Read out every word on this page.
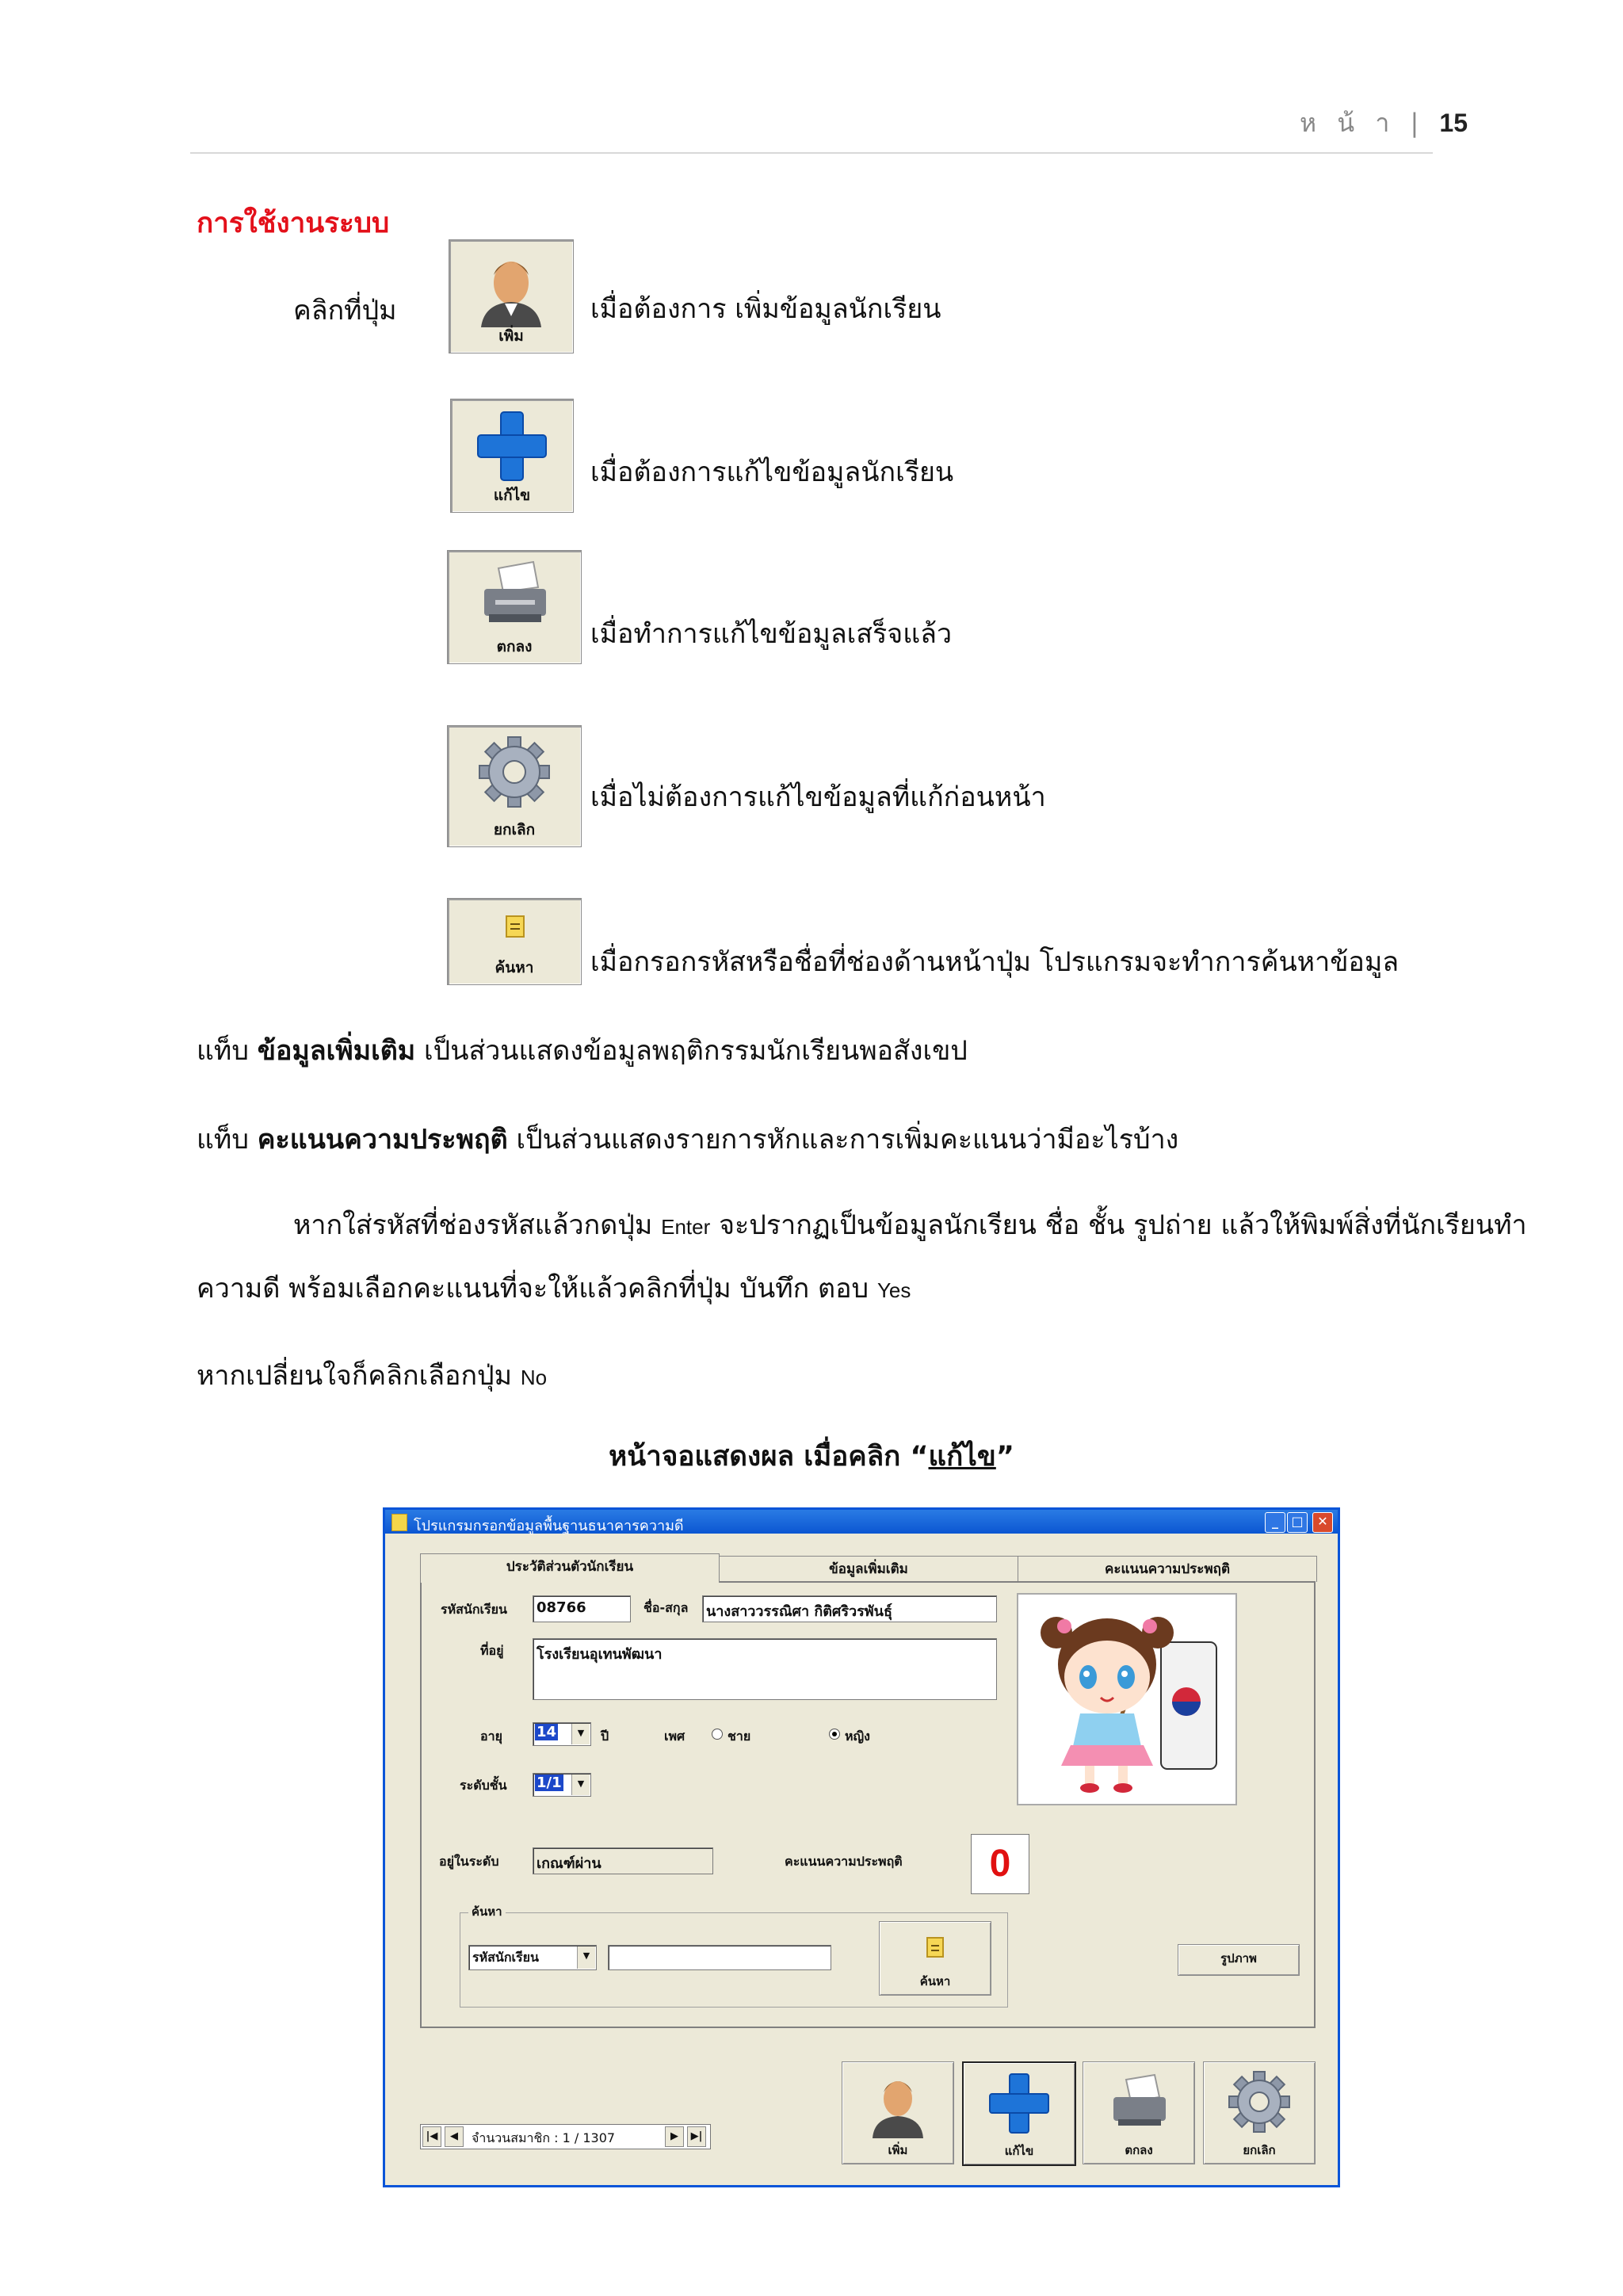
ห น้ า | 15
การใช้งานระบบ
คลิกที่ปุ่ม
เพิ่ม
เมื่อต้องการ เพิ่มข้อมูลนักเรียน
แก้ไข
เมื่อต้องการแก้ไขข้อมูลนักเรียน
ตกลง	เมื่อทำการแก้ไขข้อมูลเสร็จแล้ว
ยกเลิก
เมื่อไม่ต้องการแก้ไขข้อมูลที่แก้ก่อนหน้า
ค้นหา	เมื่อกรอกรหัสหรือชื่อที่ช่องด้านหน้าปุ่ม โปรแกรมจะทำการค้นหาข้อมูล
แท็บ ข้อมูลเพิ่มเติม เป็นส่วนแสดงข้อมูลพฤติกรรมนักเรียนพอสังเขป
แท็บ คะแนนความประพฤติ เป็นส่วนแสดงรายการหักและการเพิ่มคะแนนว่ามีอะไรบ้าง
หากใส่รหัสที่ช่องรหัสแล้วกดปุ่ม Enter จะปรากฏเป็นข้อมูลนักเรียน ชื่อ ชั้น รูปถ่าย แล้วให้พิมพ์สิ่งที่นักเรียนทำ
ความดี พร้อมเลือกคะแนนที่จะให้แล้วคลิกที่ปุ่ม บันทึก ตอบ Yes
หากเปลี่ยนใจก็คลิกเลือกปุ่ม No
หน้าจอแสดงผล เมื่อคลิก “แก้ไข”
โปรแกรมกรอกข้อมูลพื้นฐานธนาคารความดี	_	□	✕
ประวัติส่วนตัวนักเรียน	ข้อมูลเพิ่มเติม	คะแนนความประพฤติ
รหัสนักเรียน 08766	ชื่อ-สกุล นางสาววรรณิศา กิติศริวรพันธุ์
ที่อยู่ โรงเรียนอุเทนพัฒนา
อายุ 14	▼	ปี	เพศ	ชาย	หญิง
ระดับชั้น 1/1	▼
อยู่ในระดับ	เกณฑ์ผ่าน	คะแนนความประพฤติ	0
ค้นหา
รหัสนักเรียน	▼
ค้นหา
รูปภาพ
|◀	◀	จำนวนสมาชิก : 1 / 1307	▶	▶|
เพิ่ม	แก้ไข	ตกลง	ยกเลิก
